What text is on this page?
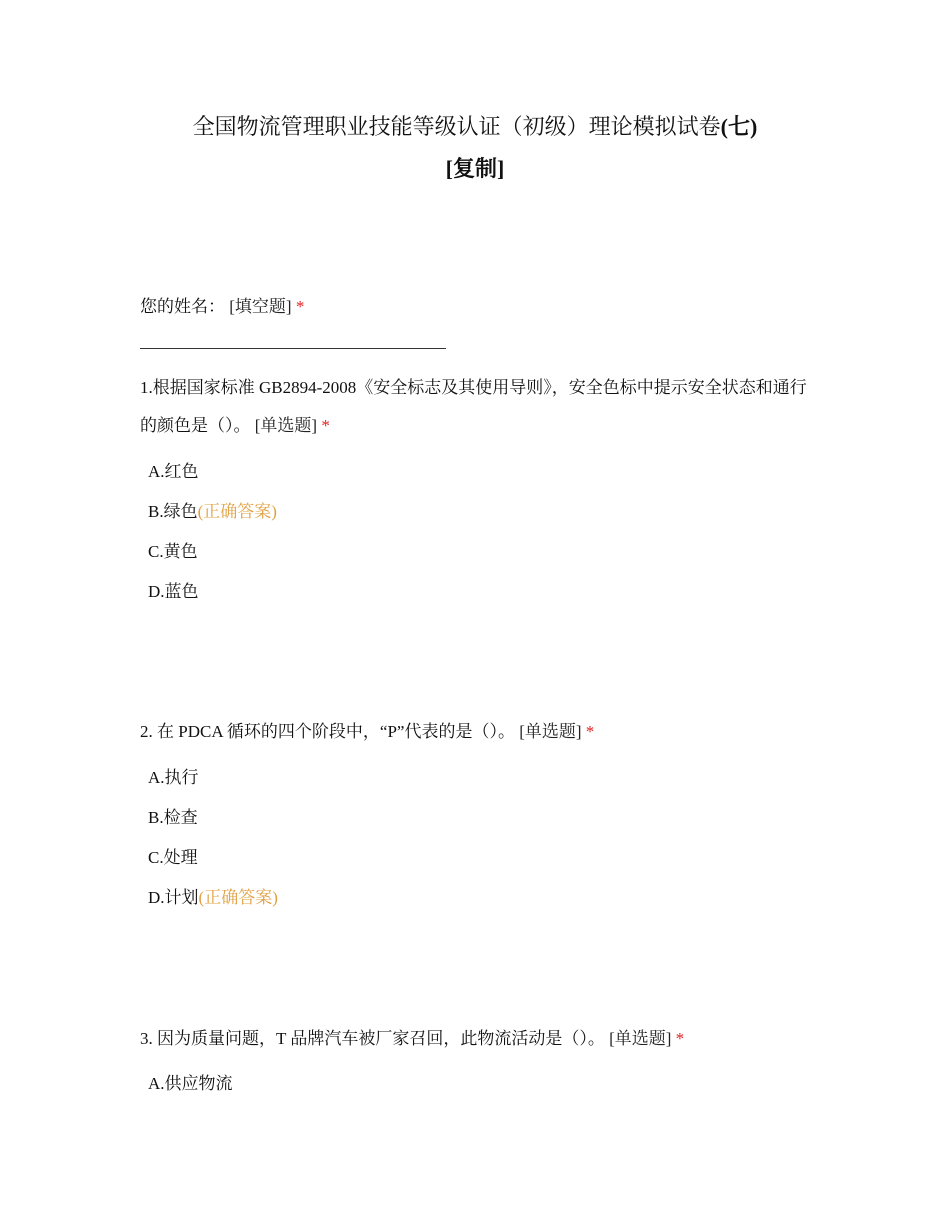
全国物流管理职业技能等级认证（初级）理论模拟试卷(七)
[复制]
您的姓名： [填空题] *
1.根据国家标准 GB2894-2008《安全标志及其使用导则》，安全色标中提示安全状态和通行的颜色是（）。 [单选题] *
A.红色
B.绿色(正确答案)
C.黄色
D.蓝色
2. 在 PDCA 循环的四个阶段中，“P”代表的是（）。 [单选题] *
A.执行
B.检查
C.处理
D.计划(正确答案)
3. 因为质量问题，T 品牌汽车被厂家召回，此物流活动是（）。 [单选题] *
A.供应物流
